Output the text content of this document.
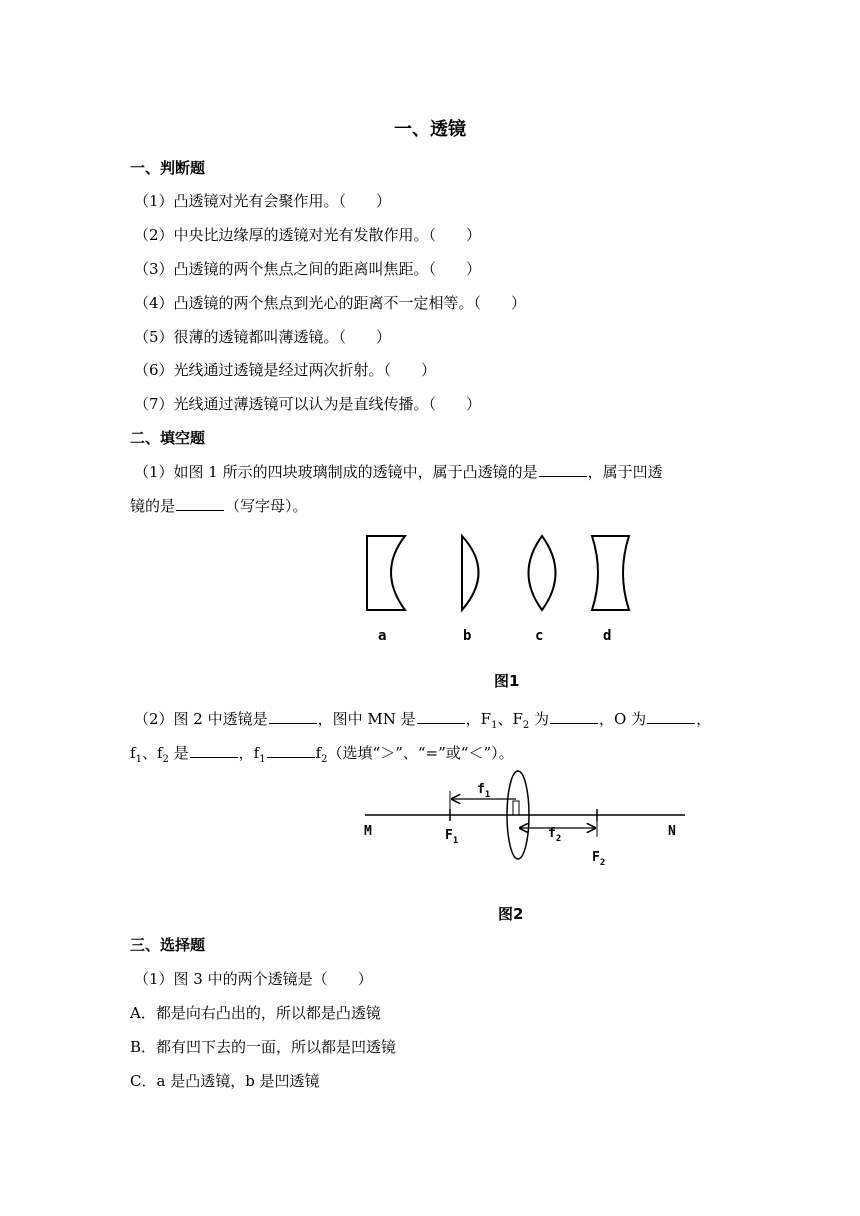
一、透镜
一、判断题
（1）凸透镜对光有会聚作用。（　　）
（2）中央比边缘厚的透镜对光有发散作用。（　　）
（3）凸透镜的两个焦点之间的距离叫焦距。（　　）
（4）凸透镜的两个焦点到光心的距离不一定相等。（　　）
（5）很薄的透镜都叫薄透镜。（　　）
（6）光线通过透镜是经过两次折射。（　　）
（7）光线通过薄透镜可以认为是直线传播。（　　）
二、填空题
（1）如图 1 所示的四块玻璃制成的透镜中，属于凸透镜的是	，属于凹透
镜的是	（写字母）。
a	b	c	d
图1
（2）图 2 中透镜是	，图中 MN 是	，$F_1$、$F_2$ 为	，O 为	，
$f_1$、$f_2$ 是	，$f_1$	$f_2$（选填“＞”、“=”或“＜”）。
M	N
$F_1$
$F_2$
$f_1$
$f_2$
图2
三、选择题
（1）图 3 中的两个透镜是（　　）
A．都是向右凸出的，所以都是凸透镜
B．都有凹下去的一面，所以都是凹透镜
C．a 是凸透镜，b 是凹透镜
